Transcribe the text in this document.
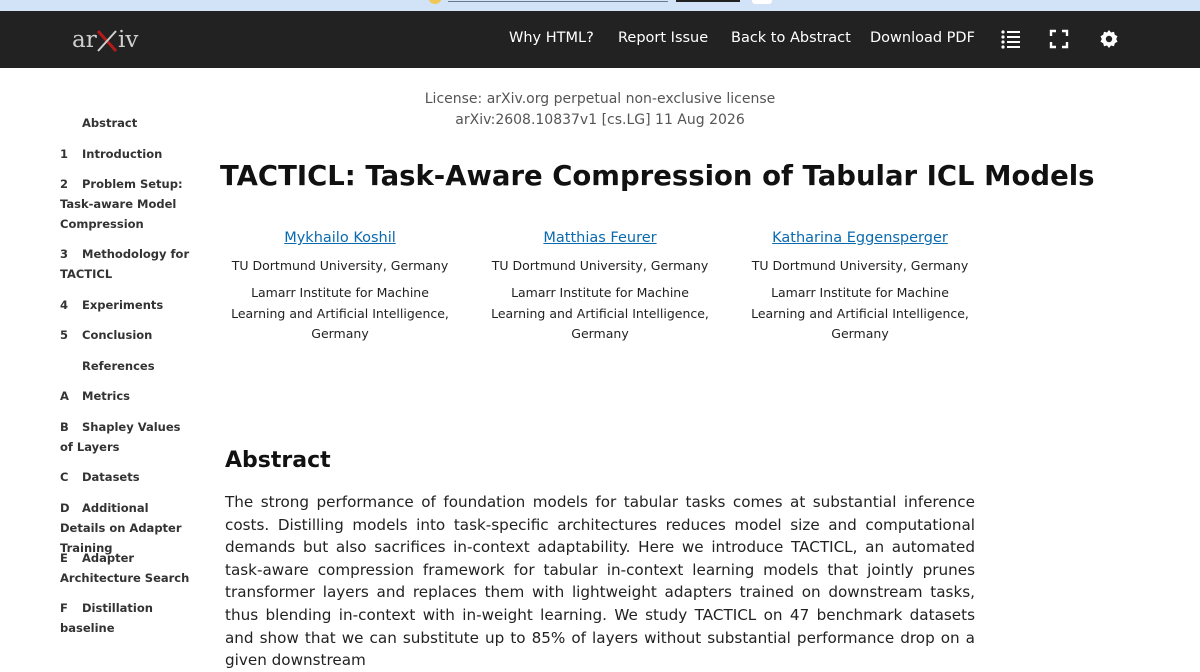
ar iv	Why HTML? Report Issue Back to Abstract Download PDF
Abstract
1 Introduction
2 Problem Setup: Task-aware Model Compression
3 Methodology for TACTICL
4 Experiments
5 Conclusion
References
A Metrics
B Shapley Values of Layers
C Datasets
D Additional Details on Adapter Training
E Adapter Architecture Search
F Distillation baseline
License: arXiv.org perpetual non-exclusive license
arXiv:2608.10837v1 [cs.LG] 11 Aug 2026
TACTICL: Task-Aware Compression of Tabular ICL Models
Mykhailo Koshil
TU Dortmund University, Germany
Lamarr Institute for Machine Learning and Artificial Intelligence, Germany
Matthias Feurer
TU Dortmund University, Germany
Lamarr Institute for Machine Learning and Artificial Intelligence, Germany
Katharina Eggensperger
TU Dortmund University, Germany
Lamarr Institute for Machine Learning and Artificial Intelligence, Germany
Abstract

The strong performance of foundation models for tabular tasks comes at substantial inference costs. Distilling models into task-specific architectures reduces model size and computational demands but also sacrifices in-context adaptability. Here we introduce TACTICL, an automated task-aware compression framework for tabular in-context learning models that jointly prunes transformer layers and replaces them with lightweight adapters trained on downstream tasks, thus blending in-context with in-weight learning. We study TACTICL on 47 benchmark datasets and show that we can substitute up to 85% of layers without substantial performance drop on a given downstream
